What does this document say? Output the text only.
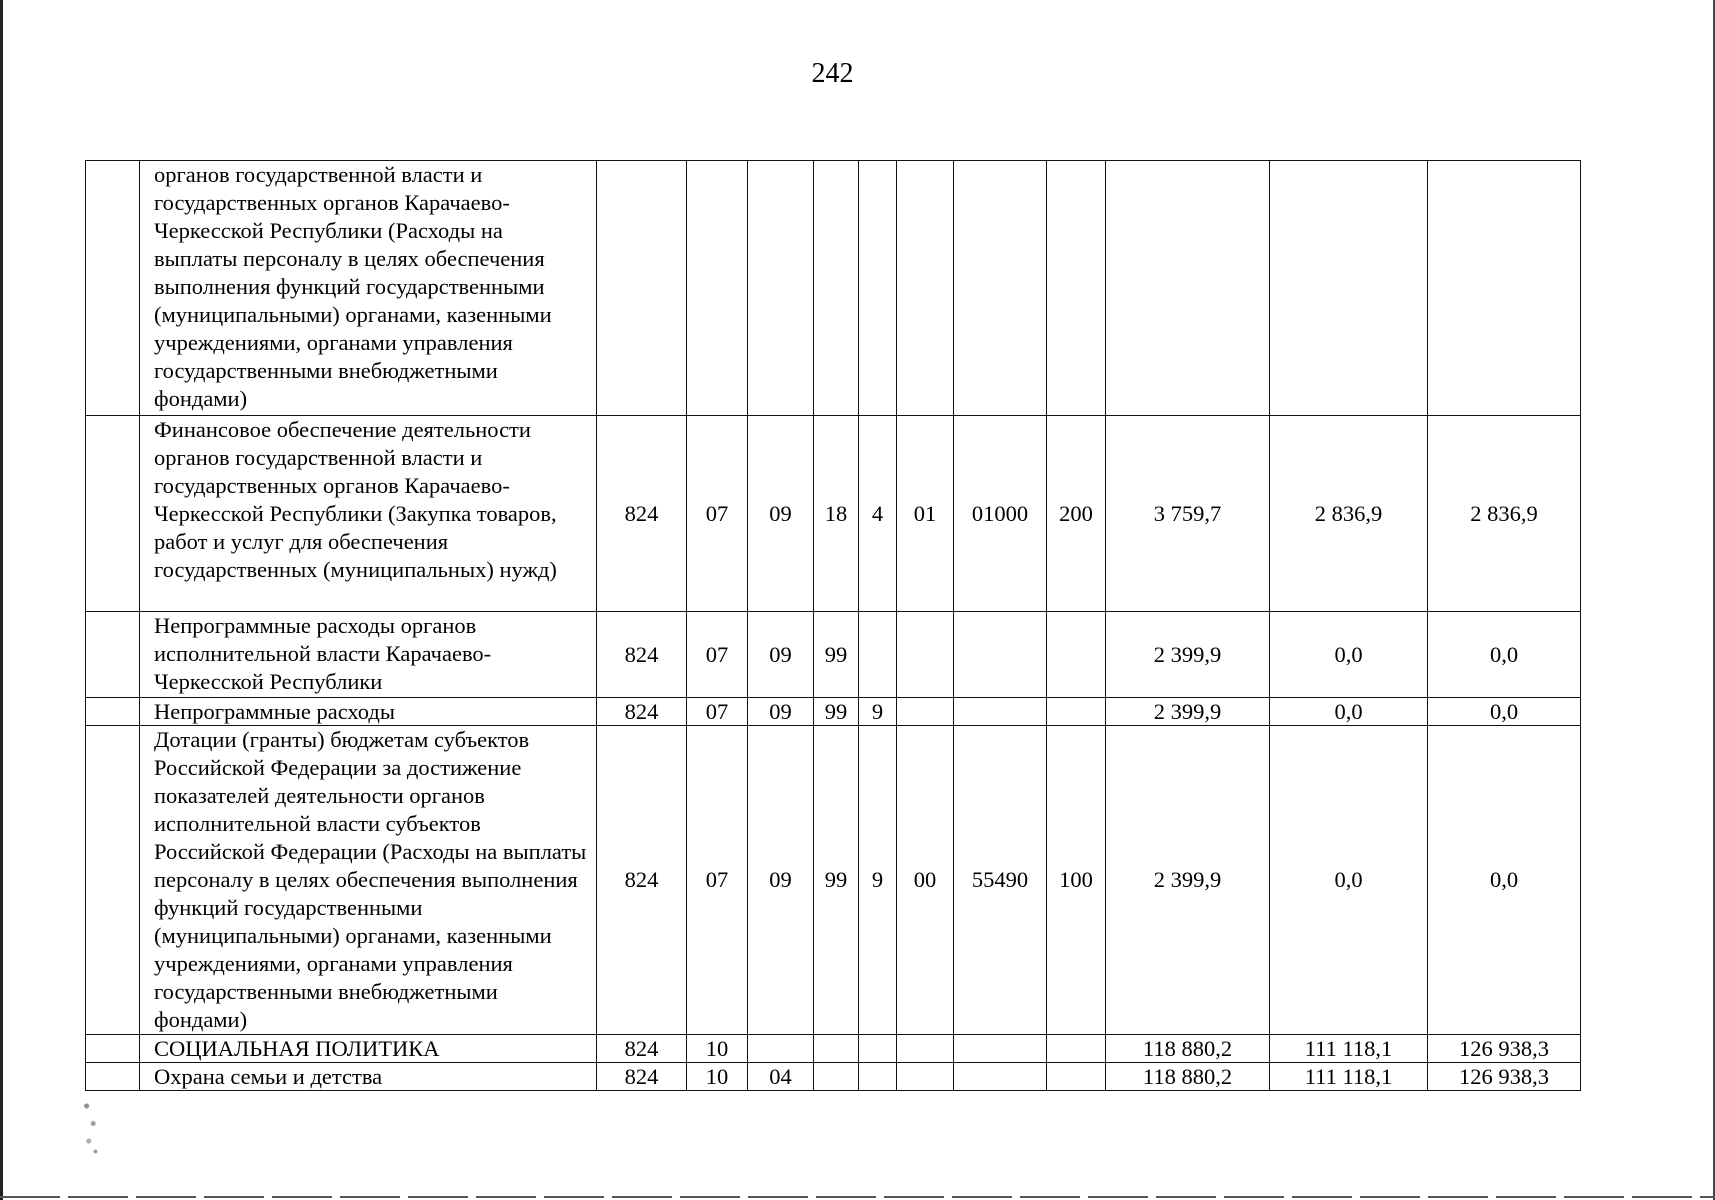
242
	органов государственной власти и государственных органов Карачаево-Черкесской Республики (Расходы на выплаты персоналу в целях обеспечения выполнения функций государственными (муниципальными) органами, казенными учреждениями, органами управления государственными внебюджетными фондами)											
	Финансовое обеспечение деятельности органов государственной власти и государственных органов Карачаево-Черкесской Республики (Закупка товаров, работ и услуг для обеспечения государственных (муниципальных) нужд)	824	07	09	18	4	01	01000	200	3 759,7	2 836,9	2 836,9
	Непрограммные расходы органов исполнительной власти Карачаево-Черкесской Республики	824	07	09	99					2 399,9	0,0	0,0
	Непрограммные расходы	824	07	09	99	9				2 399,9	0,0	0,0
	Дотации (гранты) бюджетам субъектов Российской Федерации за достижение показателей деятельности органов исполнительной власти субъектов Российской Федерации (Расходы на выплаты персоналу в целях обеспечения выполнения функций государственными (муниципальными) органами, казенными учреждениями, органами управления государственными внебюджетными фондами)	824	07	09	99	9	00	55490	100	2 399,9	0,0	0,0
	СОЦИАЛЬНАЯ ПОЛИТИКА	824	10							118 880,2	111 118,1	126 938,3
	Охрана семьи и детства	824	10	04						118 880,2	111 118,1	126 938,3
